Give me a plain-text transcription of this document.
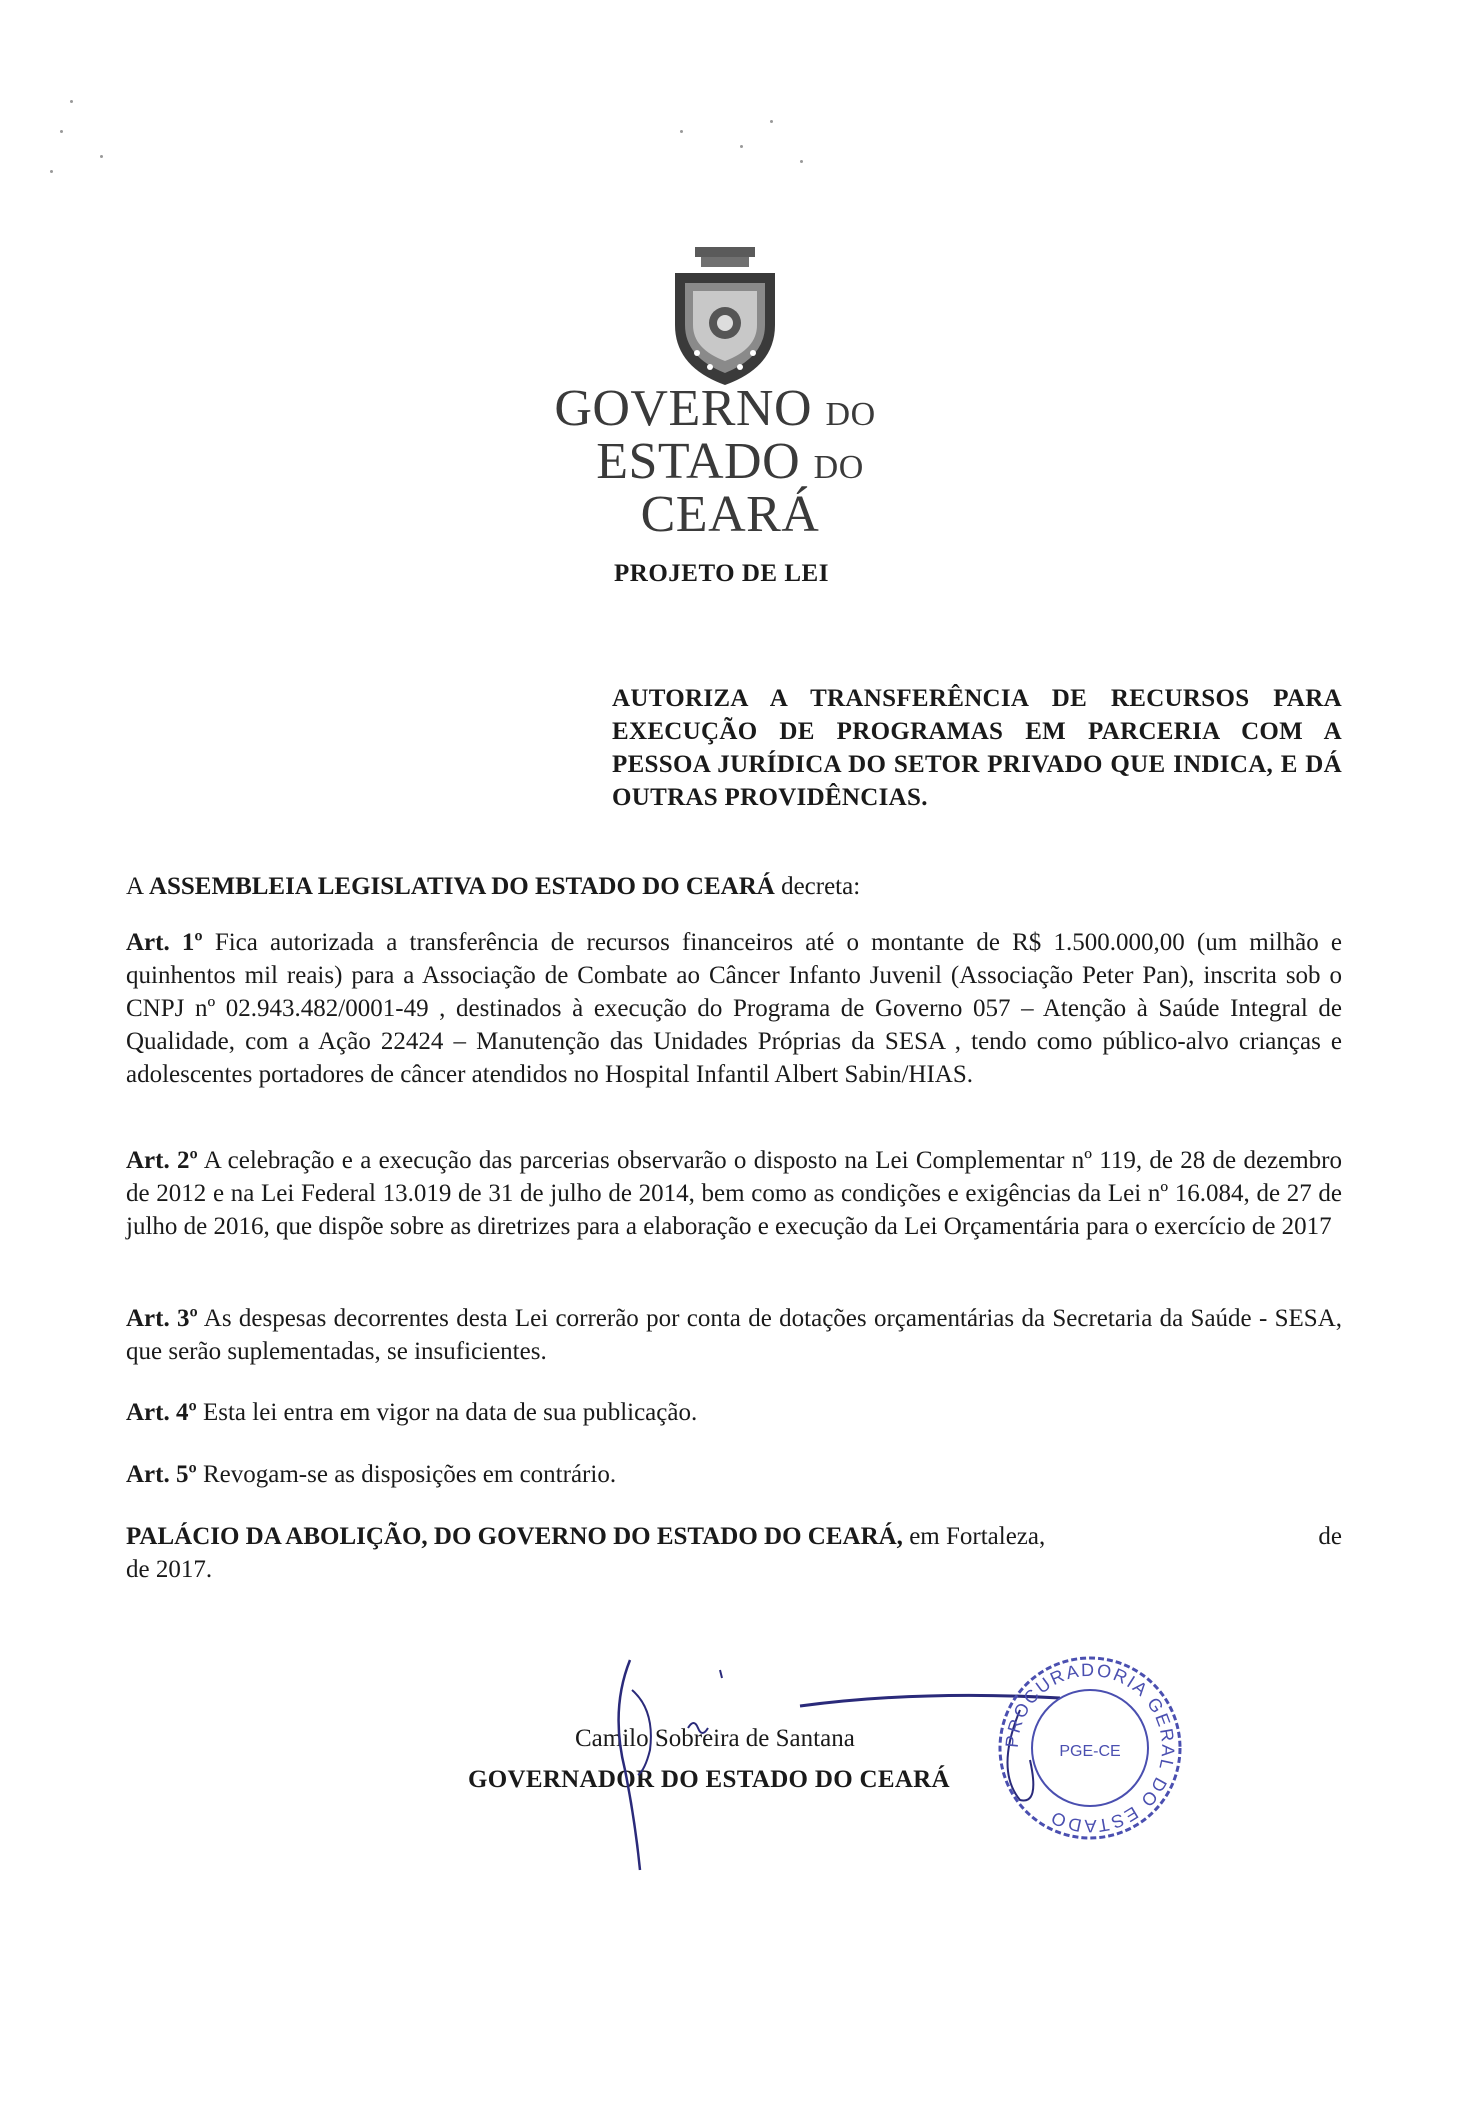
GOVERNO DO
ESTADO DO CEARÁ
PROJETO DE LEI
AUTORIZA A TRANSFERÊNCIA DE RECURSOS PARA EXECUÇÃO DE PROGRAMAS EM PARCERIA COM A PESSOA JURÍDICA DO SETOR PRIVADO QUE INDICA, E DÁ OUTRAS PROVIDÊNCIAS.
A ASSEMBLEIA LEGISLATIVA DO ESTADO DO CEARÁ decreta:
Art. 1º Fica autorizada a transferência de recursos financeiros até o montante de R$ 1.500.000,00 (um milhão e quinhentos mil reais) para a Associação de Combate ao Câncer Infanto Juvenil (Associação Peter Pan), inscrita sob o CNPJ nº 02.943.482/0001-49 , destinados à execução do Programa de Governo 057 – Atenção à Saúde Integral de Qualidade, com a Ação 22424 – Manutenção das Unidades Próprias da SESA , tendo como público-alvo crianças e adolescentes portadores de câncer atendidos no Hospital Infantil Albert Sabin/HIAS.
Art. 2º A celebração e a execução das parcerias observarão o disposto na Lei Complementar nº 119, de 28 de dezembro de 2012 e na Lei Federal 13.019 de 31 de julho de 2014, bem como as condições e exigências da Lei nº 16.084, de 27 de julho de 2016, que dispõe sobre as diretrizes para a elaboração e execução da Lei Orçamentária para o exercício de 2017
Art. 3º As despesas decorrentes desta Lei correrão por conta de dotações orçamentárias da Secretaria da Saúde - SESA, que serão suplementadas, se insuficientes.
Art. 4º Esta lei entra em vigor na data de sua publicação.
Art. 5º Revogam-se as disposições em contrário.
PALÁCIO DA ABOLIÇÃO, DO GOVERNO DO ESTADO DO CEARÁ, em Fortaleza,	de
de 2017.
Camilo Sobreira de Santana
GOVERNADOR DO ESTADO DO CEARÁ
PROCURADORIA GERAL DO ESTADO
PGE-CE
